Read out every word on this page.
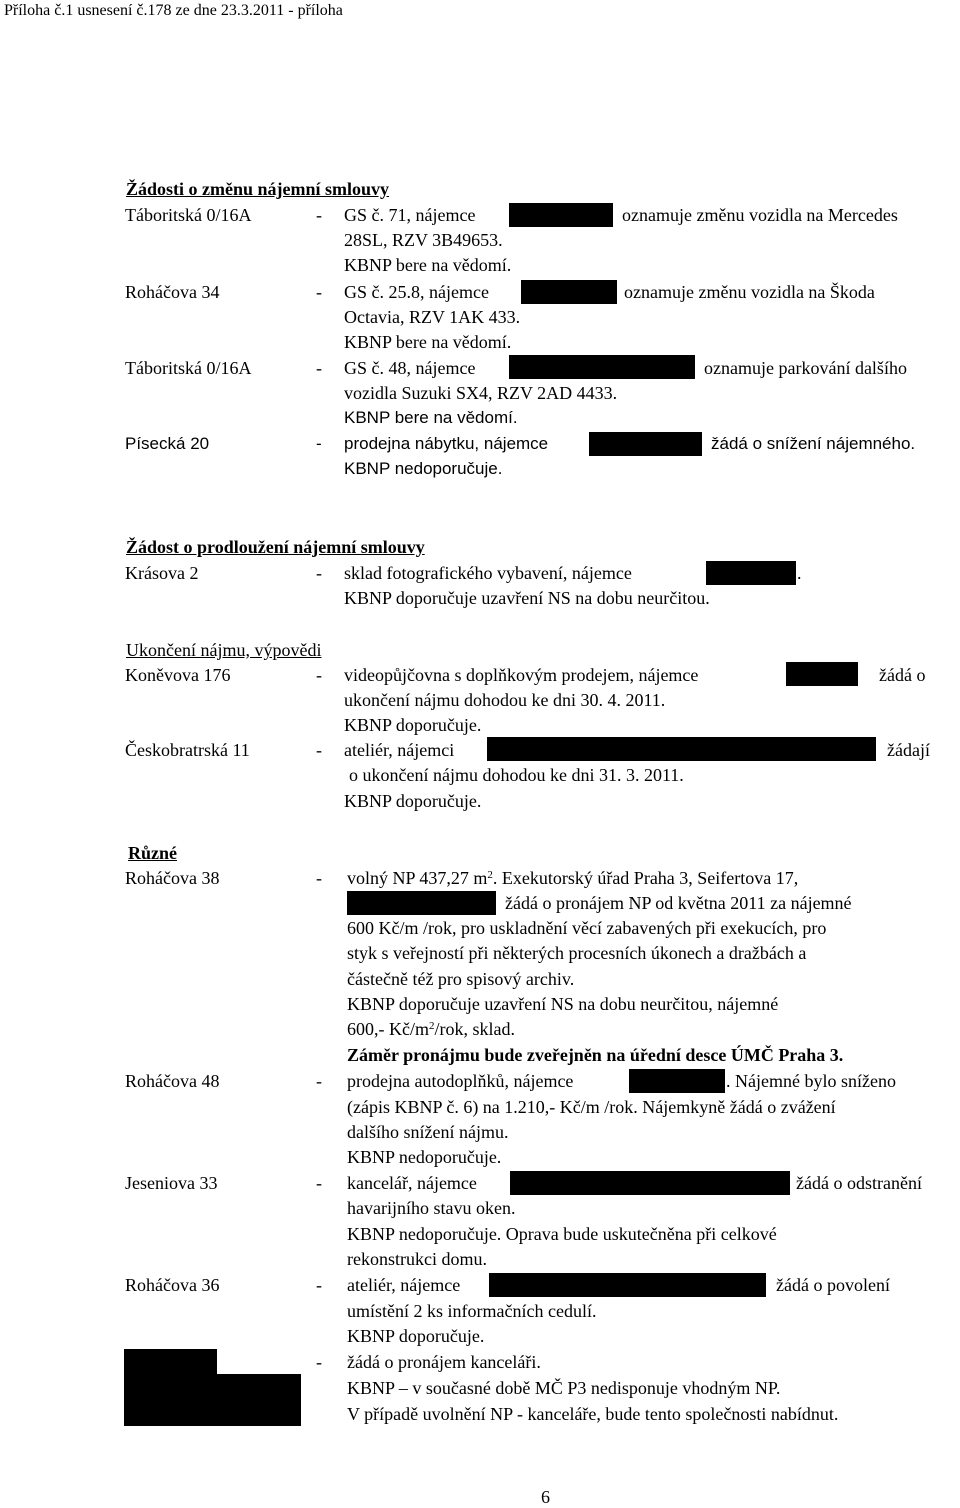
Příloha č.1 usnesení č.178 ze dne 23.3.2011 - příloha
Žádosti o změnu nájemní smlouvy
Táboritská 0/16A	- GS č. 71, nájemce	oznamuje změnu vozidla na Mercedes
28SL, RZV 3B49653.
KBNP bere na vědomí.
Roháčova 34	- GS č. 25.8, nájemce	oznamuje změnu vozidla na Škoda
Octavia, RZV 1AK 433.
KBNP bere na vědomí.
Táboritská 0/16A	- GS č. 48, nájemce	oznamuje parkování dalšího
vozidla Suzuki SX4, RZV 2AD 4433.
KBNP bere na vědomí.
Písecká 20	- prodejna nábytku, nájemce	žádá o snížení nájemného.
KBNP nedoporučuje.
Žádost o prodloužení nájemní smlouvy
Krásova 2	- sklad fotografického vybavení, nájemce	.
KBNP doporučuje uzavření NS na dobu neurčitou.
Ukončení nájmu, výpovědi
Koněvova 176	- videopůjčovna s doplňkovým prodejem, nájemce	žádá o
ukončení nájmu dohodou ke dni 30. 4. 2011.
KBNP doporučuje.
Českobratrská 11	- ateliér, nájemci	žádají
o ukončení nájmu dohodou ke dni 31. 3. 2011.
KBNP doporučuje.
Různé
Roháčova 38	- volný NP 437,27 $m^2$. Exekutorský úřad Praha 3, Seifertova 17,
žádá o pronájem NP od května 2011 za nájemné
600 Kč/m /rok, pro uskladnění věcí zabavených při exekucích, pro
styk s veřejností při některých procesních úkonech a dražbách a
částečně též pro spisový archiv.
KBNP doporučuje uzavření NS na dobu neurčitou, nájemné
600,- $Kč/m^2$/rok, sklad.
Záměr pronájmu bude zveřejněn na úřední desce ÚMČ Praha 3.
Roháčova 48	- prodejna autodoplňků, nájemce	. Nájemné bylo sníženo
(zápis KBNP č. 6) na 1.210,- Kč/m /rok. Nájemkyně žádá o zvážení
dalšího snížení nájmu.
KBNP nedoporučuje.
Jeseniova 33	- kancelář, nájemce	žádá o odstranění
havarijního stavu oken.
KBNP nedoporučuje. Oprava bude uskutečněna při celkové
rekonstrukci domu.
Roháčova 36	- ateliér, nájemce	žádá o povolení
umístění 2 ks informačních cedulí.
KBNP doporučuje.
- žádá o pronájem kanceláři.
KBNP – v současné době MČ P3 nedisponuje vhodným NP.
V případě uvolnění NP - kanceláře, bude tento společnosti nabídnut.
6
